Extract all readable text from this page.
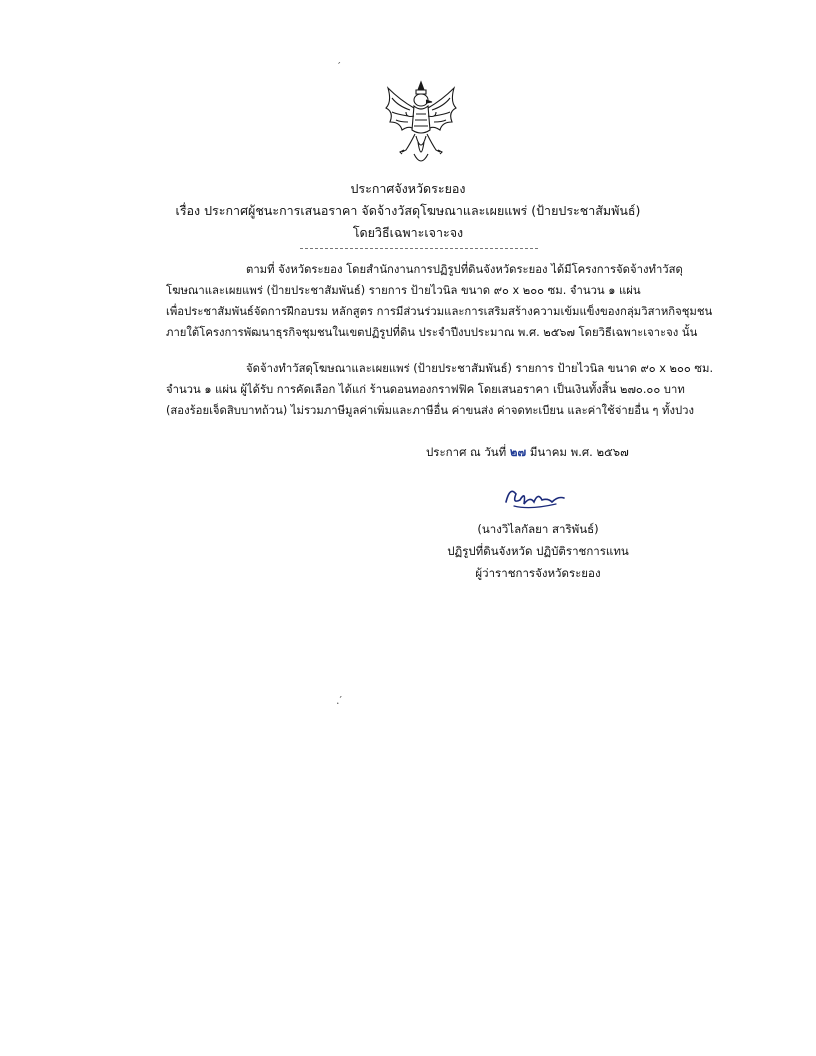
′
.′
ประกาศจังหวัดระยอง
เรื่อง ประกาศผู้ชนะการเสนอราคา จัดจ้างวัสดุโฆษณาและเผยแพร่ (ป้ายประชาสัมพันธ์)
โดยวิธีเฉพาะเจาะจง
ตามที่ จังหวัดระยอง โดยสำนักงานการปฏิรูปที่ดินจังหวัดระยอง ได้มีโครงการจัดจ้างทำวัสดุ
โฆษณาและเผยแพร่ (ป้ายประชาสัมพันธ์) รายการ ป้ายไวนิล ขนาด ๙๐ x ๒๐๐ ซม. จำนวน ๑ แผ่น
เพื่อประชาสัมพันธ์จัดการฝึกอบรม หลักสูตร การมีส่วนร่วมและการเสริมสร้างความเข้มแข็งของกลุ่มวิสาหกิจชุมชน
ภายใต้โครงการพัฒนาธุรกิจชุมชนในเขตปฏิรูปที่ดิน ประจำปีงบประมาณ พ.ศ. ๒๕๖๗ โดยวิธีเฉพาะเจาะจง นั้น
จัดจ้างทำวัสดุโฆษณาและเผยแพร่ (ป้ายประชาสัมพันธ์) รายการ ป้ายไวนิล ขนาด ๙๐ x ๒๐๐ ซม.
จำนวน ๑ แผ่น ผู้ได้รับ การคัดเลือก ได้แก่ ร้านดอนทองกราฟฟิค โดยเสนอราคา เป็นเงินทั้งสิ้น ๒๗๐.๐๐ บาท
(สองร้อยเจ็ดสิบบาทถ้วน) ไม่รวมภาษีมูลค่าเพิ่มและภาษีอื่น ค่าขนส่ง ค่าจดทะเบียน และค่าใช้จ่ายอื่น ๆ ทั้งปวง
ประกาศ ณ วันที่ ๒๗ มีนาคม พ.ศ. ๒๕๖๗
(นางวิไลกัลยา สาริพันธ์)
ปฏิรูปที่ดินจังหวัด ปฏิบัติราชการแทน
ผู้ว่าราชการจังหวัดระยอง
